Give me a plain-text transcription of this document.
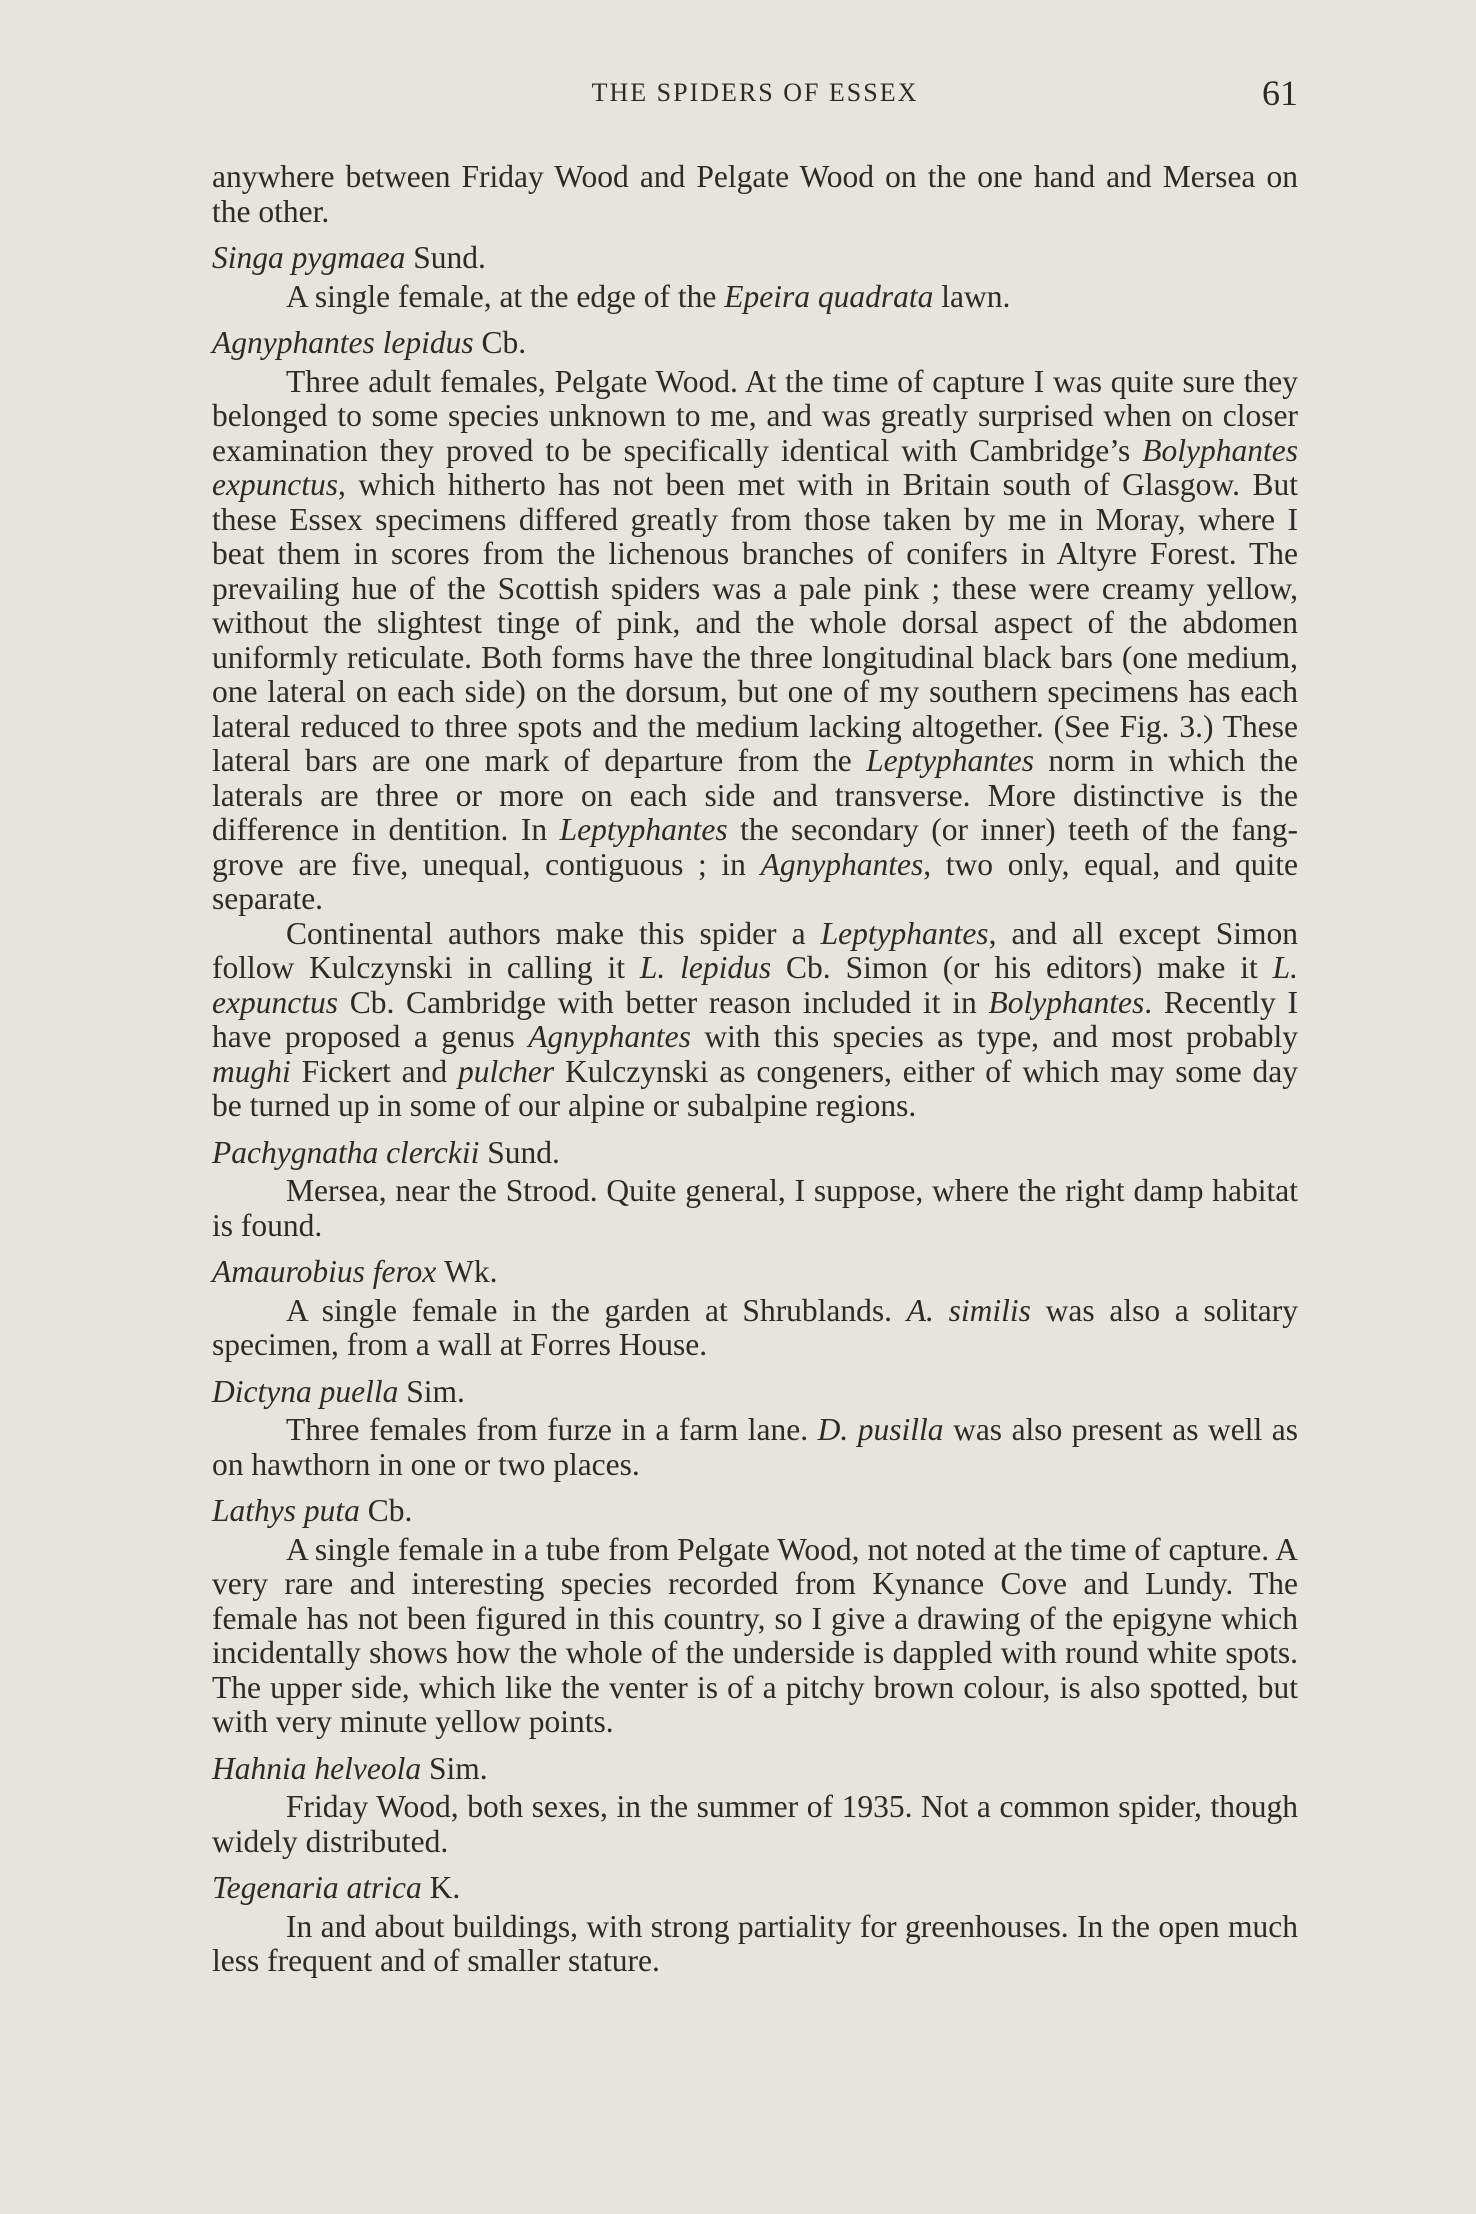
THE SPIDERS OF ESSEX	61

anywhere between Friday Wood and Pelgate Wood on the one hand and Mersea on the other.

Singa pygmaea Sund.

A single female, at the edge of the Epeira quadrata lawn.

Agnyphantes lepidus Cb.

Three adult females, Pelgate Wood. At the time of capture I was quite sure they belonged to some species unknown to me, and was greatly surprised when on closer examination they proved to be specifically identical with Cambridge’s Bolyphantes expunctus, which hitherto has not been met with in Britain south of Glasgow. But these Essex specimens differed greatly from those taken by me in Moray, where I beat them in scores from the lichenous branches of conifers in Altyre Forest. The prevailing hue of the Scottish spiders was a pale pink ; these were creamy yellow, without the slightest tinge of pink, and the whole dorsal aspect of the abdomen uniformly reticulate. Both forms have the three longitudinal black bars (one medium, one lateral on each side) on the dorsum, but one of my southern specimens has each lateral reduced to three spots and the medium lacking altogether. (See Fig. 3.) These lateral bars are one mark of departure from the Leptyphantes norm in which the laterals are three or more on each side and transverse. More distinctive is the difference in dentition. In Leptyphantes the secondary (or inner) teeth of the fang-grove are five, unequal, contiguous ; in Agnyphantes, two only, equal, and quite separate.

Continental authors make this spider a Leptyphantes, and all except Simon follow Kulczynski in calling it L. lepidus Cb. Simon (or his editors) make it L. expunctus Cb. Cambridge with better reason included it in Bolyphantes. Recently I have proposed a genus Agnyphantes with this species as type, and most probably mughi Fickert and pulcher Kulczynski as congeners, either of which may some day be turned up in some of our alpine or subalpine regions.

Pachygnatha clerckii Sund.

Mersea, near the Strood. Quite general, I suppose, where the right damp habitat is found.

Amaurobius ferox Wk.

A single female in the garden at Shrublands. A. similis was also a solitary specimen, from a wall at Forres House.

Dictyna puella Sim.

Three females from furze in a farm lane. D. pusilla was also present as well as on hawthorn in one or two places.

Lathys puta Cb.

A single female in a tube from Pelgate Wood, not noted at the time of capture. A very rare and interesting species recorded from Kynance Cove and Lundy. The female has not been figured in this country, so I give a drawing of the epigyne which incidentally shows how the whole of the underside is dappled with round white spots. The upper side, which like the venter is of a pitchy brown colour, is also spotted, but with very minute yellow points.

Hahnia helveola Sim.

Friday Wood, both sexes, in the summer of 1935. Not a common spider, though widely distributed.

Tegenaria atrica K.

In and about buildings, with strong partiality for greenhouses. In the open much less frequent and of smaller stature.
